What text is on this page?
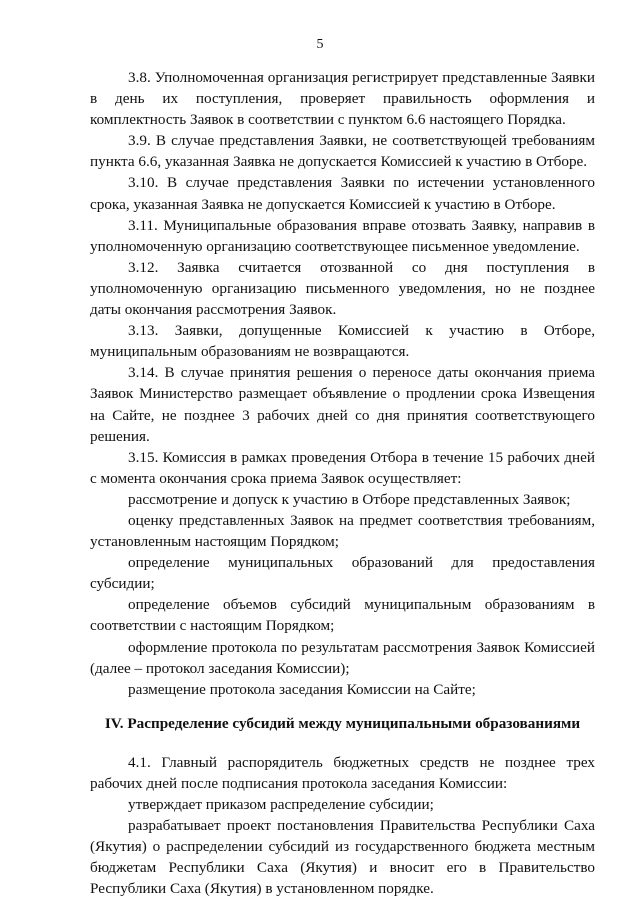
5

3.8. Уполномоченная организация регистрирует представленные Заявки в день их поступления, проверяет правильность оформления и комплектность Заявок в соответствии с пунктом 6.6 настоящего Порядка.

3.9. В случае представления Заявки, не соответствующей требованиям пункта 6.6, указанная Заявка не допускается Комиссией к участию в Отборе.

3.10. В случае представления Заявки по истечении установленного срока, указанная Заявка не допускается Комиссией к участию в Отборе.

3.11. Муниципальные образования вправе отозвать Заявку, направив в уполномоченную организацию соответствующее письменное уведомление.

3.12. Заявка считается отозванной со дня поступления в уполномоченную организацию письменного уведомления, но не позднее даты окончания рассмотрения Заявок.

3.13. Заявки, допущенные Комиссией к участию в Отборе, муниципальным образованиям не возвращаются.

3.14. В случае принятия решения о переносе даты окончания приема Заявок Министерство размещает объявление о продлении срока Извещения на Сайте, не позднее 3 рабочих дней со дня принятия соответствующего решения.

3.15. Комиссия в рамках проведения Отбора в течение 15 рабочих дней с момента окончания срока приема Заявок осуществляет:

рассмотрение и допуск к участию в Отборе представленных Заявок;

оценку представленных Заявок на предмет соответствия требованиям, установленным настоящим Порядком;

определение муниципальных образований для предоставления субсидии;

определение объемов субсидий муниципальным образованиям в соответствии с настоящим Порядком;

оформление протокола по результатам рассмотрения Заявок Комиссией (далее – протокол заседания Комиссии);

размещение протокола заседания Комиссии на Сайте;

IV. Распределение субсидий между муниципальными образованиями

4.1. Главный распорядитель бюджетных средств не позднее трех рабочих дней после подписания протокола заседания Комиссии:

утверждает приказом распределение субсидии;

разрабатывает проект постановления Правительства Республики Саха (Якутия) о распределении субсидий из государственного бюджета местным бюджетам Республики Саха (Якутия) и вносит его в Правительство Республики Саха (Якутия) в установленном порядке.
